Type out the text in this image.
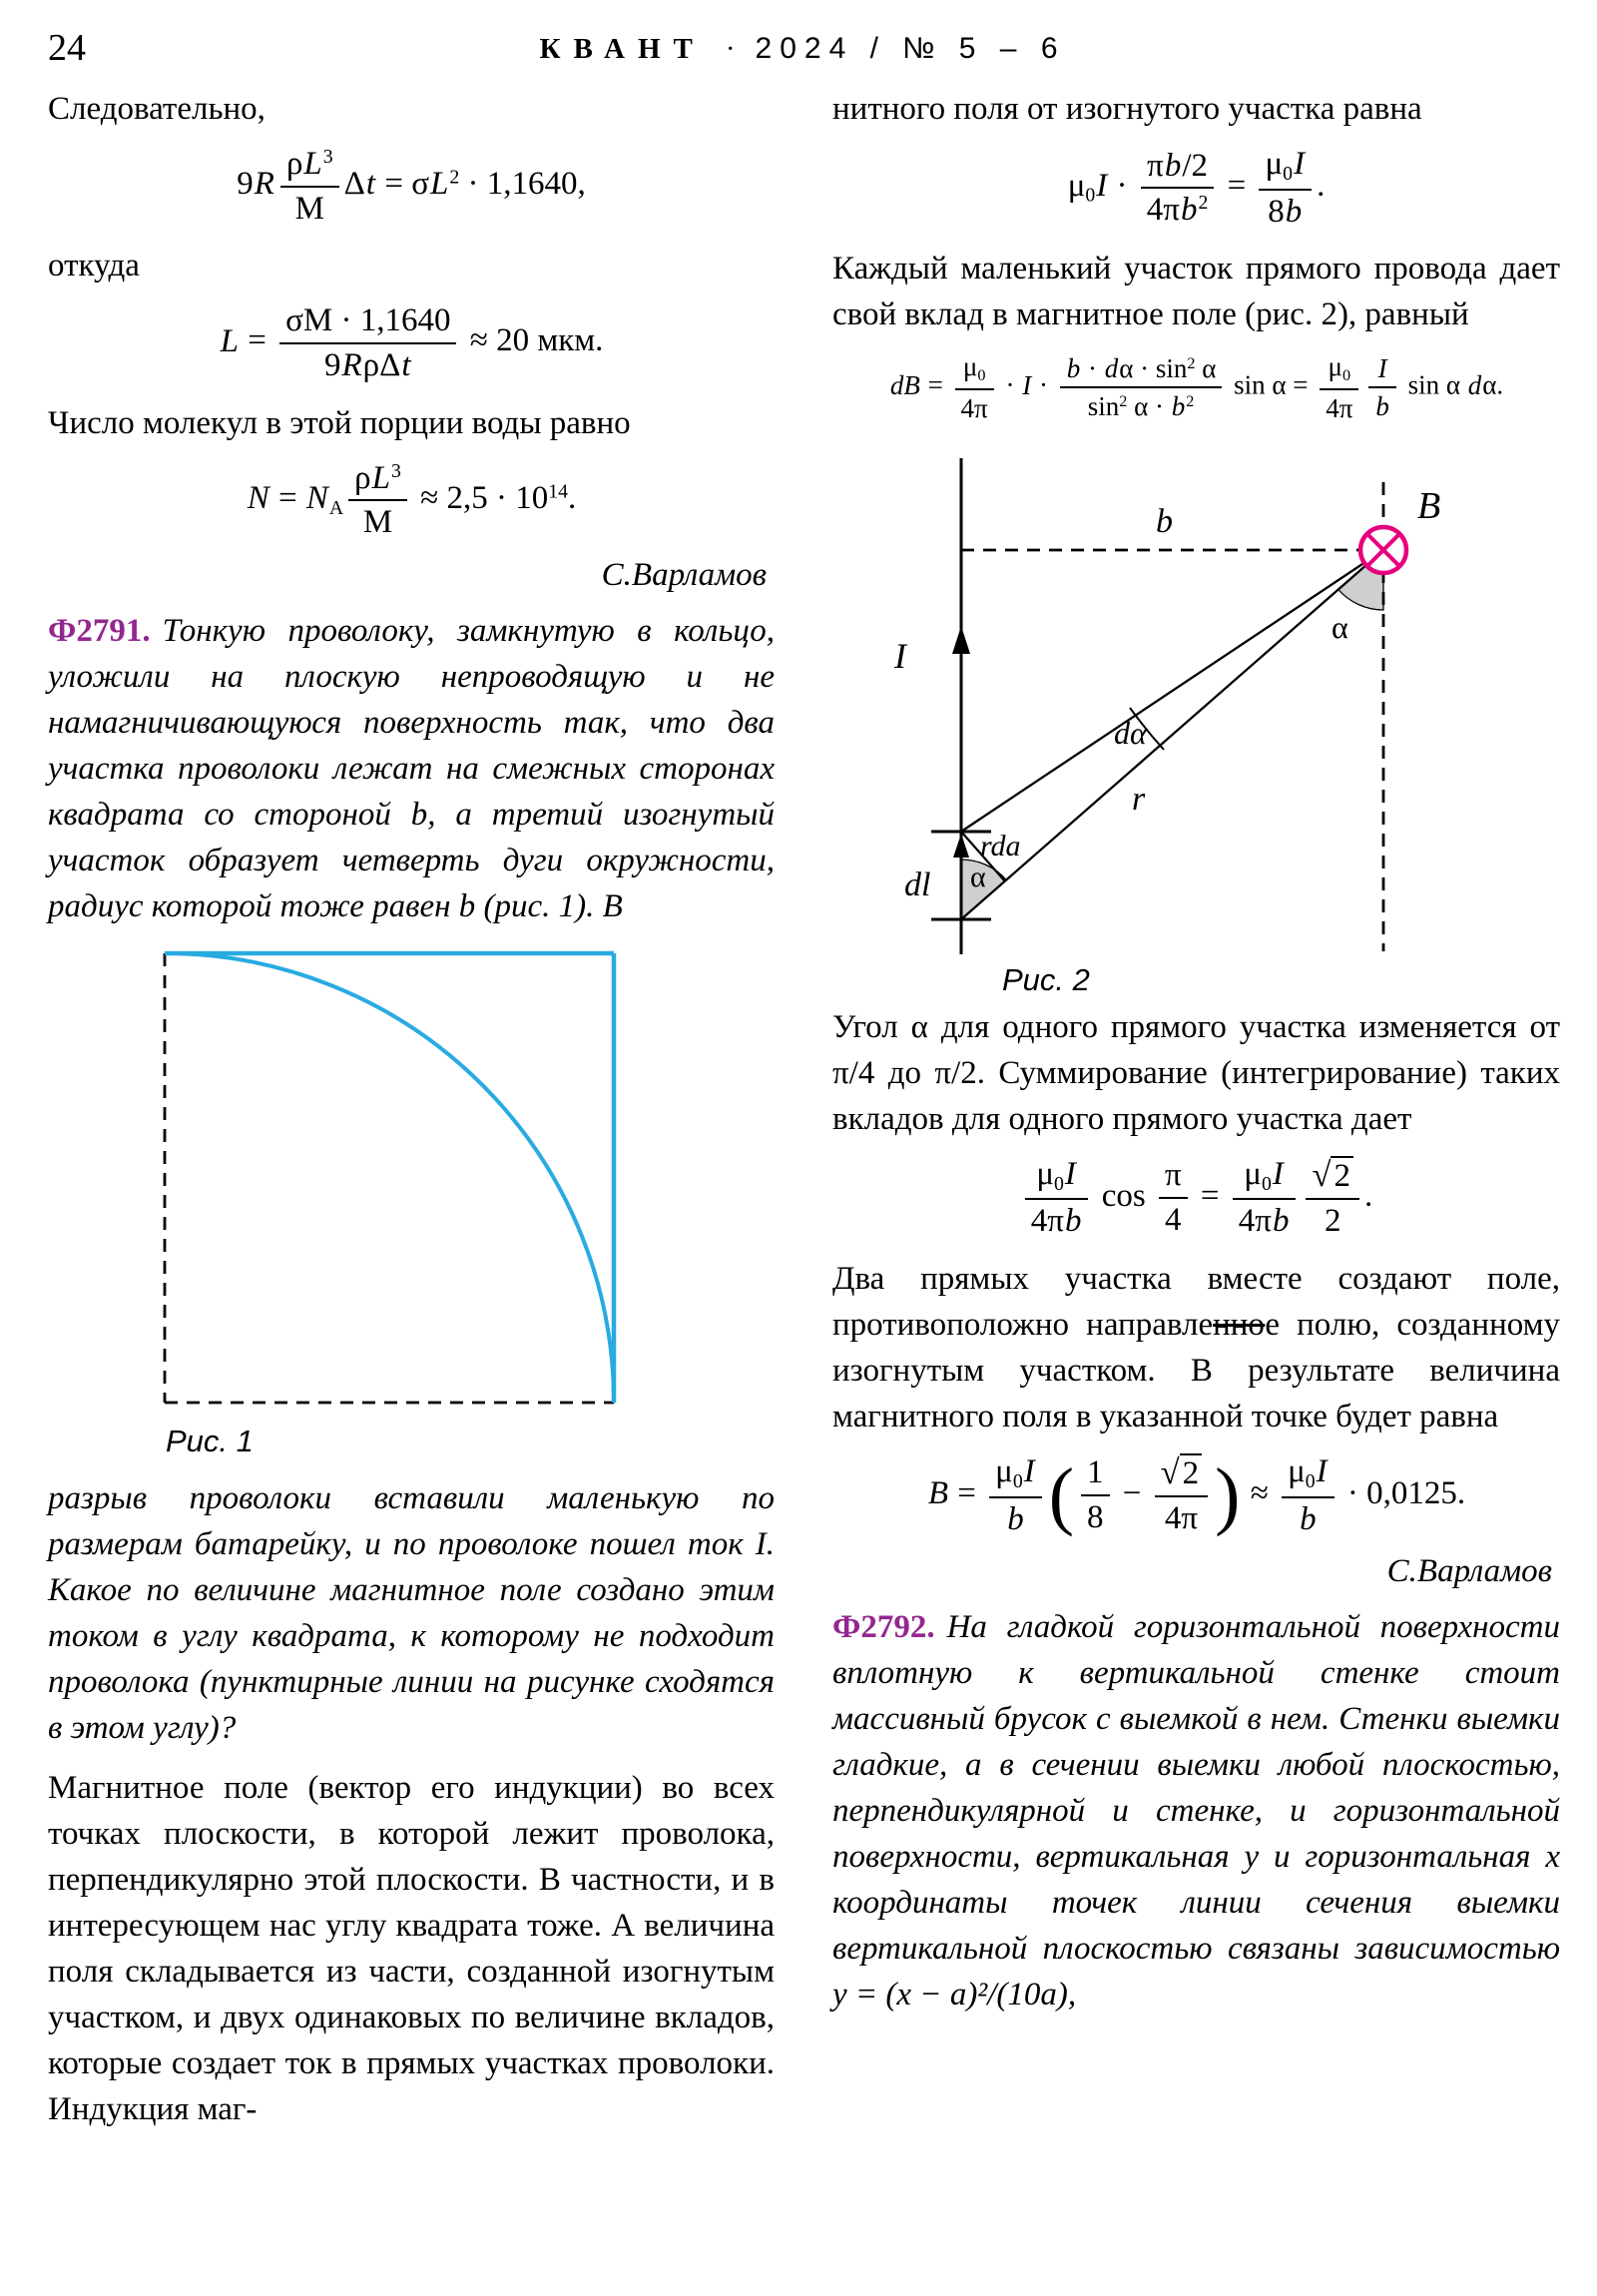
24	КВАНТ · 2024 / № 5 – 6

Следовательно,

$9R \frac{\rho L^3}{M}$ $\Delta t = \sigma L^2 \cdot 1,1640$,

откуда

$L = \frac{\sigma M \cdot 1,1640}{\text{9RρΔt}} \approx 20$ мкм.

Число молекул в этой порции воды равно

$N = N_A \frac{\rho L^3}{M} \approx 2,5 \cdot 10^{14}$.
С.Варламов

Ф2791. Тонкую проволоку, замкнутую в кольцо, уложили на плоскую непроводящую и не намагничивающуюся поверхность так, что два участка проволоки лежат на смежных сторонах квадрата со стороной b, а третий изогнутый участок образует четверть дуги окружности, радиус которой тоже равен b (рис. 1). В

Рис. 1

разрыв проволоки вставили маленькую по размерам батарейку, и по проволоке пошел ток I. Какое по величине магнитное поле создано этим током в углу квадрата, к которому не подходит проволока (пунктирные линии на рисунке сходятся в этом углу)?

Магнитное поле (вектор его индукции) во всех точках плоскости, в которой лежит проволока, перпендикулярно этой плоскости. В частности, и в интересующем нас углу квадрата тоже. А величина поля складывается из части, созданной изогнутым участком, и двух одинаковых по величине вкладов, которые создает ток в прямых участках проволоки. Индукция маг-

нитного поля от изогнутого участка равна

$\mu_0I \cdot \frac{\pi b/2}{4\pi b^2} = \frac{\mu_0I}{8b}$ .

Каждый маленький участок прямого провода дает свой вклад в магнитное поле (рис. 2), равный

dB = $\frac{\mu_0}{4\pi} \cdot I \cdot \frac{b \cdot d\alpha \cdot \sin^2 \alpha}{\sin^2 \alpha \cdot b^2}$ $\sin \alpha = \frac{\mu_0}{4\pi} \frac{I}{b}$ sin α dα.
I
b	B
α
dα
r
rda
dl α
Рис. 2

Угол α для одного прямого участка изменяется от π/4 до π/2. Суммирование (интегрирование) таких вкладов для одного прямого участка дает

$\frac{\mu_0I}{4\pi b}$ $\cos \frac{\pi}{4} = \frac{\mu_0I}{4\pi b} \frac{√2}{2}$ .

Два прямых участка вместе создают поле, противоположно направленное полю, созданному изогнутым участком. В результате величина магнитного поля в указанной точке будет равна

$B = \frac{\mu_0I}{b}$ ( $\frac{1}{8} - \frac{√2}{4\pi}$ ) ≈ $\frac{\mu_0I}{b} \cdot 0,0125$.
С.Варламов

Ф2792. На гладкой горизонтальной поверхности вплотную к вертикальной стенке стоит массивный брусок с выемкой в нем. Стенки выемки гладкие, а в сечении выемки любой плоскостью, перпендикулярной и стенке, и горизонтальной поверхности, вертикальная y и горизонтальная x координаты точек линии сечения выемки вертикальной плоскостью связаны зависимостью y = (x − a)²/(10a),
